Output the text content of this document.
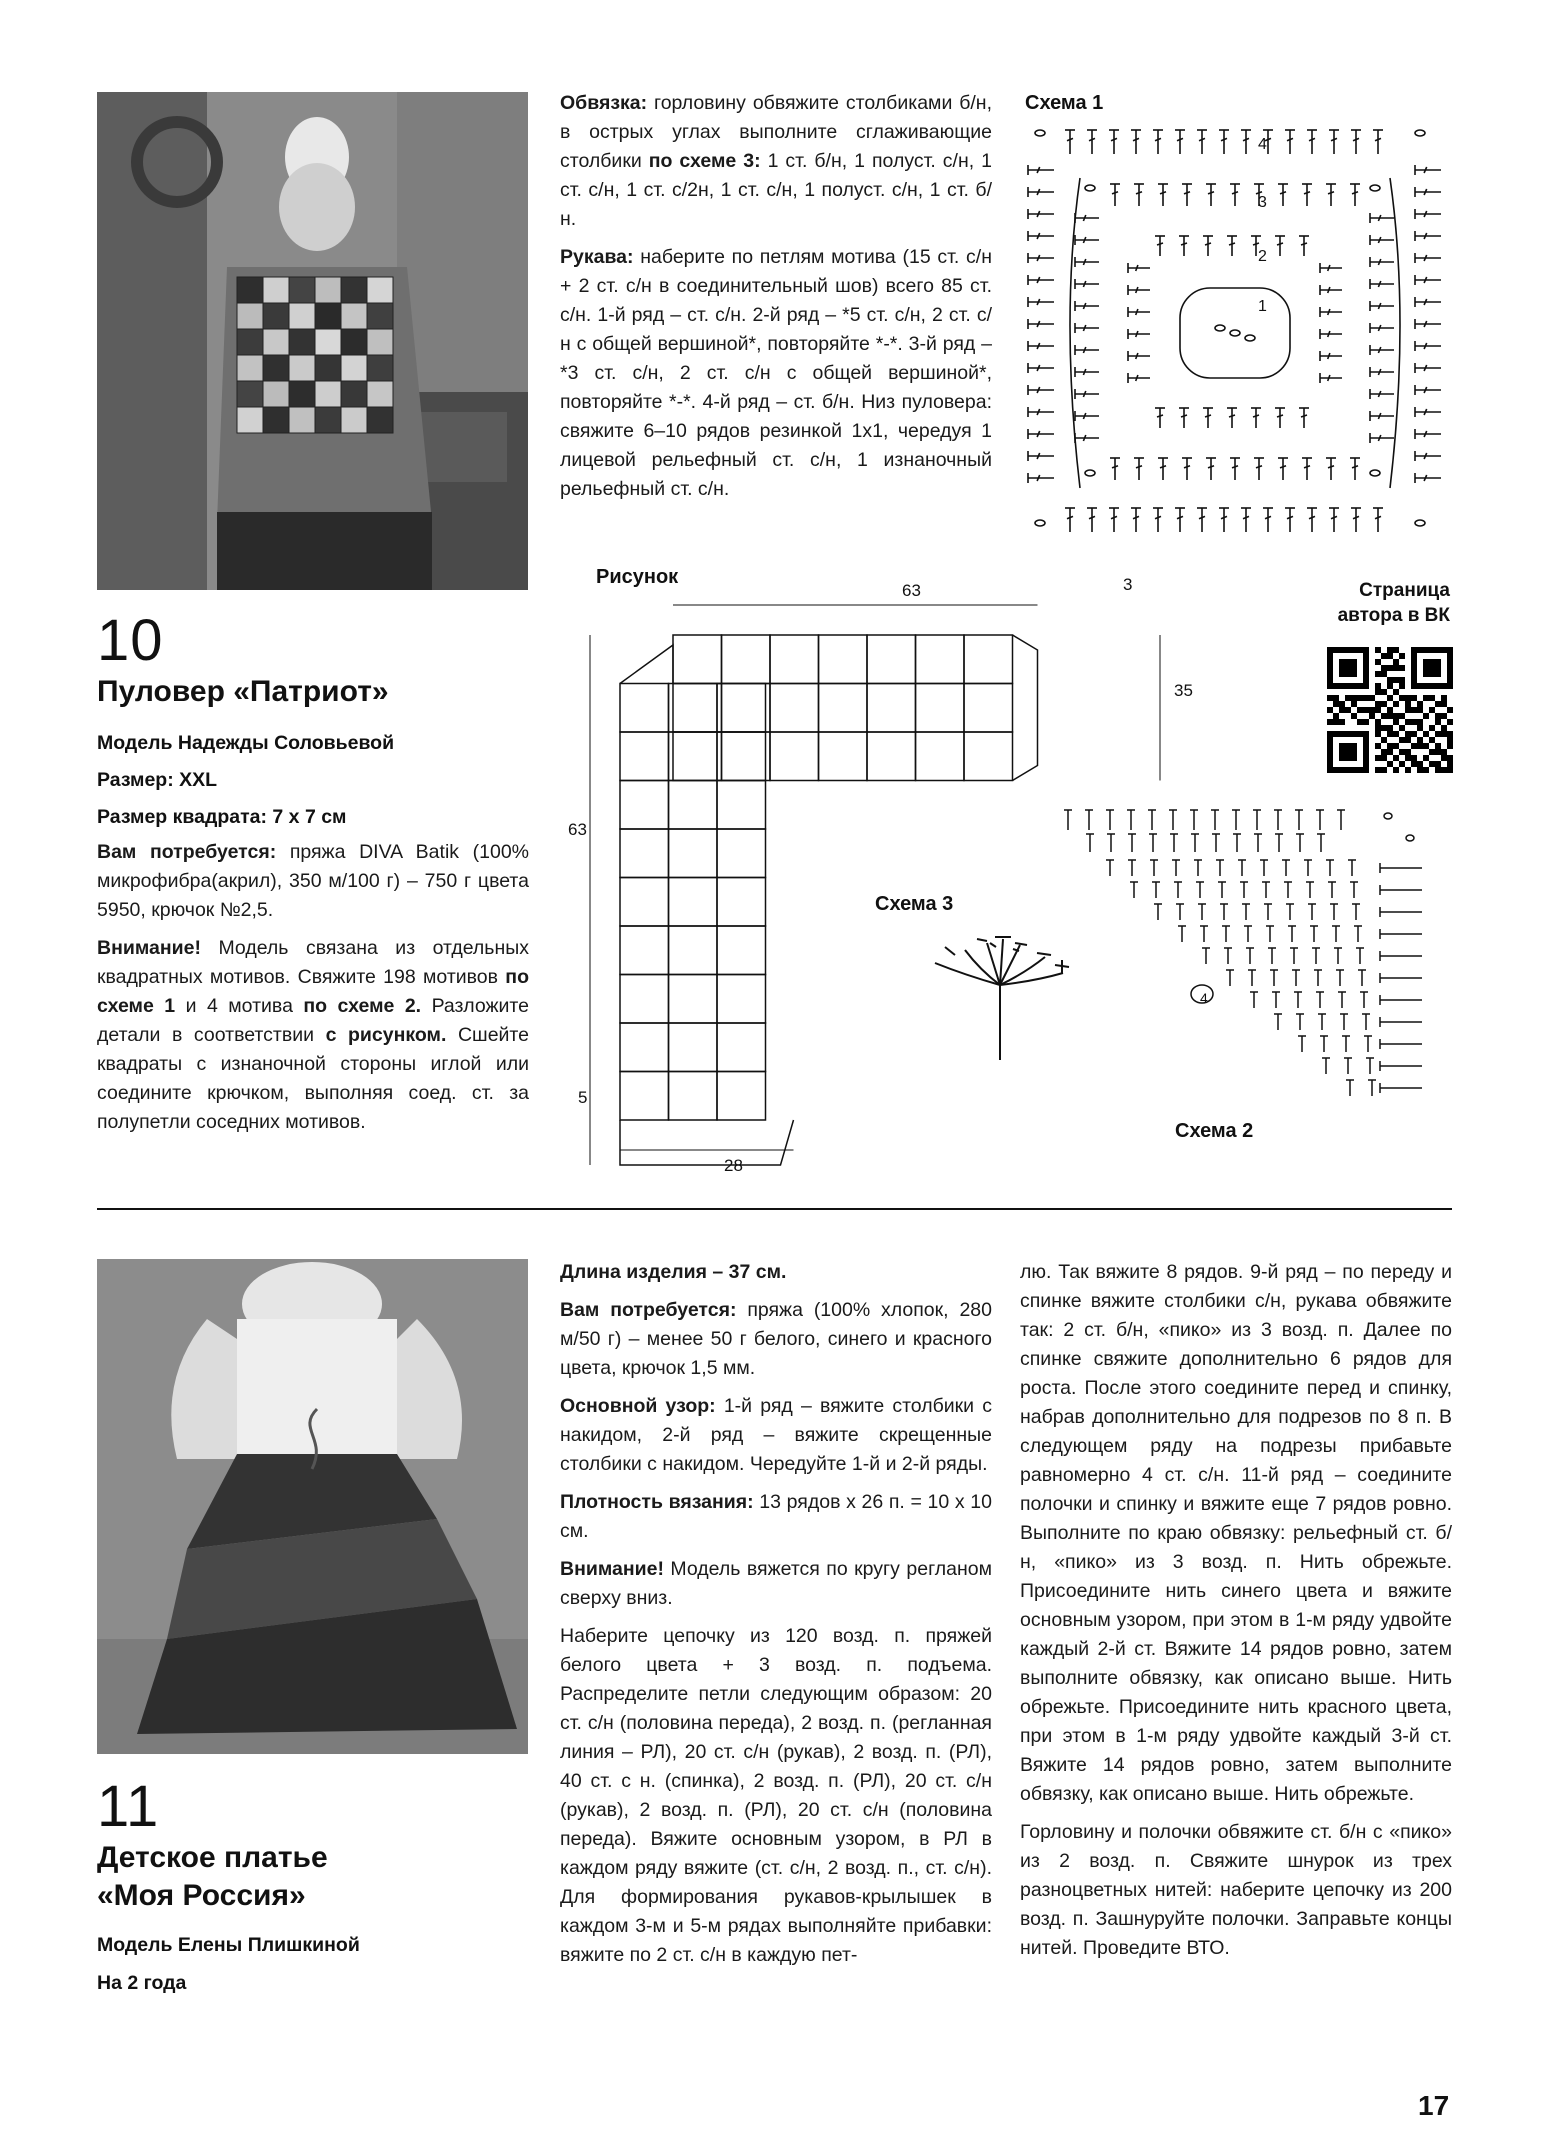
10
Пуловер «Патриот»
Модель Надежды Соловьевой
Размер: XXL
Размер квадрата: 7 х 7 см

Вам потребуется: пряжа DIVA Batik (100% микрофибра(акрил), 350 м/100 г) – 750 г цвета 5950, крючок №2,5.

Внимание! Модель связана из отдельных квадратных мотивов. Свяжите 198 мотивов по схеме 1 и 4 мотива по схеме 2. Разложите детали в соответствии с рисунком. Сшейте квадраты с изнаночной стороны иглой или соедините крючком, выполняя соед. ст. за полупетли соседних мотивов.

Обвязка: горловину обвяжите столбиками б/н, в острых углах выполните сглаживающие столбики по схеме 3: 1 ст. б/н, 1 полуст. с/н, 1 ст. с/н, 1 ст. с/2н, 1 ст. с/н, 1 полуст. с/н, 1 ст. б/н.

Рукава: наберите по петлям мотива (15 ст. с/н + 2 ст. с/н в соединительный шов) всего 85 ст. с/н. 1-й ряд – ст. с/н. 2-й ряд – *5 ст. с/н, 2 ст. с/н с общей вершиной*, повторяйте *-*. 3-й ряд – *3 ст. с/н, 2 ст. с/н с общей вершиной*, повторяйте *-*. 4-й ряд – ст. б/н. Низ пуловера: свяжите 6–10 рядов резинкой 1х1, чередуя 1 лицевой рельефный ст. с/н, 1 изнаночный рельефный ст. с/н.

Схема 1
4
3
2
1
Рисунок
63	3
35
63
5
28
Страница
автора в ВК
Схема 3
4
Схема 2
11
Детское платье
«Моя Россия»
Модель Елены Плишкиной
На 2 года

Длина изделия – 37 см.

Вам потребуется: пряжа (100% хлопок, 280 м/50 г) – менее 50 г белого, синего и красного цвета, крючок 1,5 мм.

Основной узор: 1-й ряд – вяжите столбики с накидом, 2-й ряд – вяжите скрещенные столбики с накидом. Чередуйте 1-й и 2-й ряды.

Плотность вязания: 13 рядов х 26 п. = 10 х 10 см.

Внимание! Модель вяжется по кругу регланом сверху вниз.

Наберите цепочку из 120 возд. п. пряжей белого цвета + 3 возд. п. подъема. Распределите петли следующим образом: 20 ст. с/н (половина переда), 2 возд. п. (регланная линия – РЛ), 20 ст. с/н (рукав), 2 возд. п. (РЛ), 40 ст. с н. (спинка), 2 возд. п. (РЛ), 20 ст. с/н (рукав), 2 возд. п. (РЛ), 20 ст. с/н (половина переда). Вяжите основным узором, в РЛ в каждом ряду вяжите (ст. с/н, 2 возд. п., ст. с/н). Для формирования рукавов-крылышек в каждом 3-м и 5-м рядах выполняйте прибавки: вяжите по 2 ст. с/н в каждую пет-

лю. Так вяжите 8 рядов. 9-й ряд – по переду и спинке вяжите столбики с/н, рукава обвяжите так: 2 ст. б/н, «пико» из 3 возд. п. Далее по спинке свяжите дополнительно 6 рядов для роста. После этого соедините перед и спинку, набрав дополнительно для подрезов по 8 п. В следующем ряду на подрезы прибавьте равномерно 4 ст. с/н. 11-й ряд – соедините полочки и спинку и вяжите еще 7 рядов ровно. Выполните по краю обвязку: рельефный ст. б/н, «пико» из 3 возд. п. Нить обрежьте. Присоедините нить синего цвета и вяжите основным узором, при этом в 1-м ряду удвойте каждый 2-й ст. Вяжите 14 рядов ровно, затем выполните обвязку, как описано выше. Нить обрежьте. Присоедините нить красного цвета, при этом в 1-м ряду удвойте каждый 3-й ст. Вяжите 14 рядов ровно, затем выполните обвязку, как описано выше. Нить обрежьте.

Горловину и полочки обвяжите ст. б/н с «пико» из 2 возд. п. Свяжите шнурок из трех разноцветных нитей: наберите цепочку из 200 возд. п. Зашнуруйте полочки. Заправьте концы нитей. Проведите ВТО.

17
